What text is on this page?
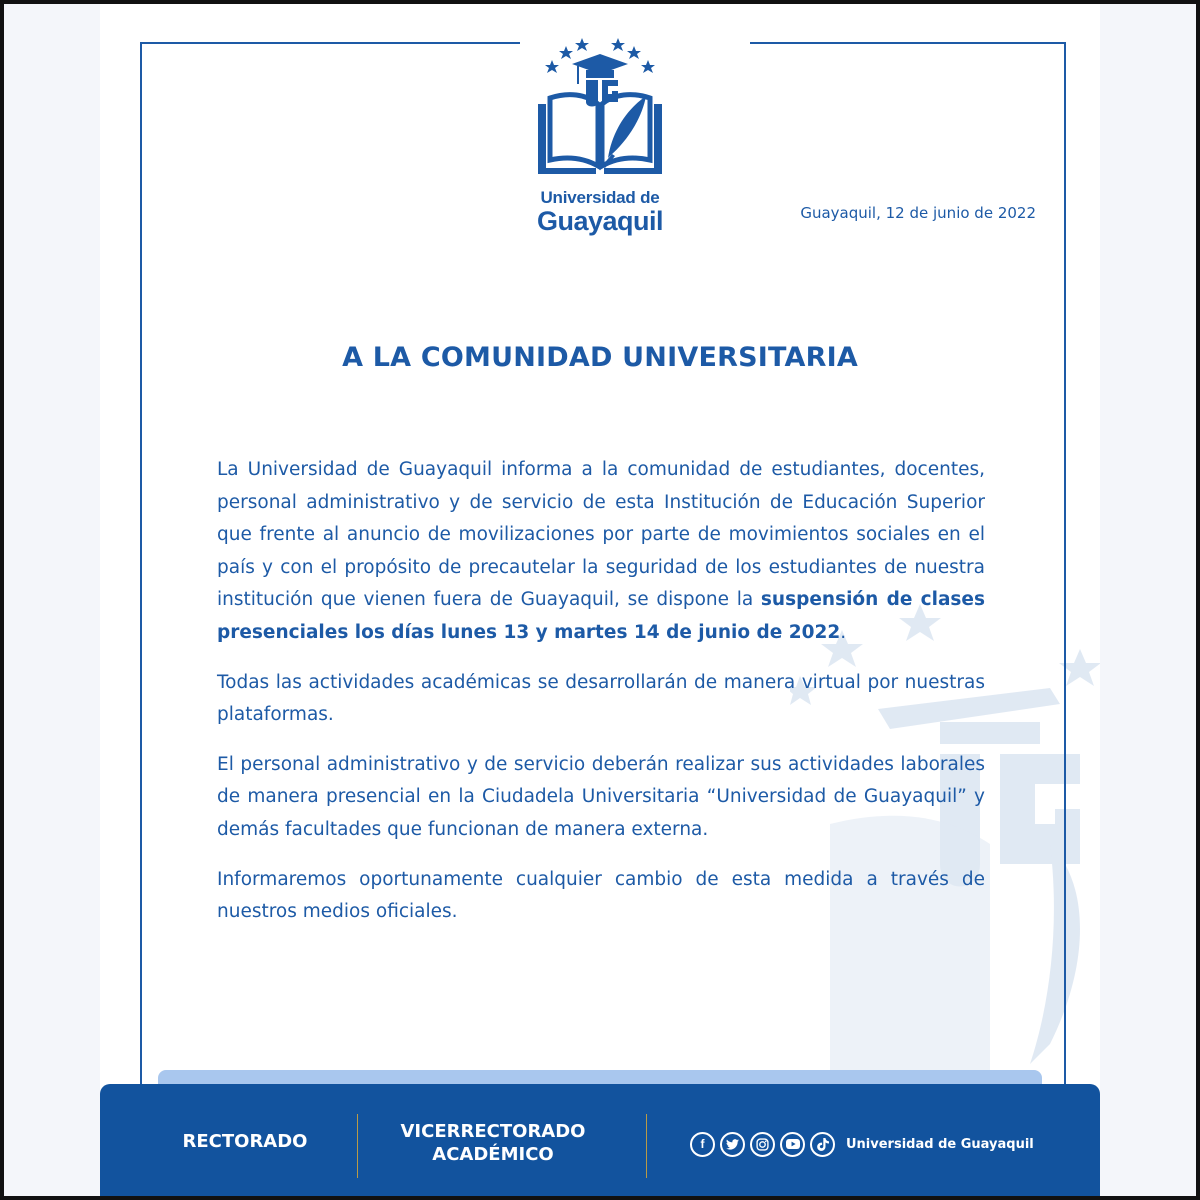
Universidad de
Guayaquil	Guayaquil, 12 de junio de 2022
A LA COMUNIDAD UNIVERSITARIA

La Universidad de Guayaquil informa a la comunidad de estudiantes, docentes, personal administrativo y de servicio de esta Institución de Educación Superior que frente al anuncio de movilizaciones por parte de movimientos sociales en el país y con el propósito de precautelar la seguridad de los estudiantes de nuestra institución que vienen fuera de Guayaquil, se dispone la suspensión de clases presenciales los días lunes 13 y martes 14 de junio de 2022.

Todas las actividades académicas se desarrollarán de manera virtual por nuestras plataformas.

El personal administrativo y de servicio deberán realizar sus actividades laborales de manera presencial en la Ciudadela Universitaria “Universidad de Guayaquil” y demás facultades que funcionan de manera externa.

Informaremos oportunamente cualquier cambio de esta medida a través de nuestros medios oficiales.

RECTORADO	VICERRECTORADO
ACADÉMICO	f	Universidad de Guayaquil
